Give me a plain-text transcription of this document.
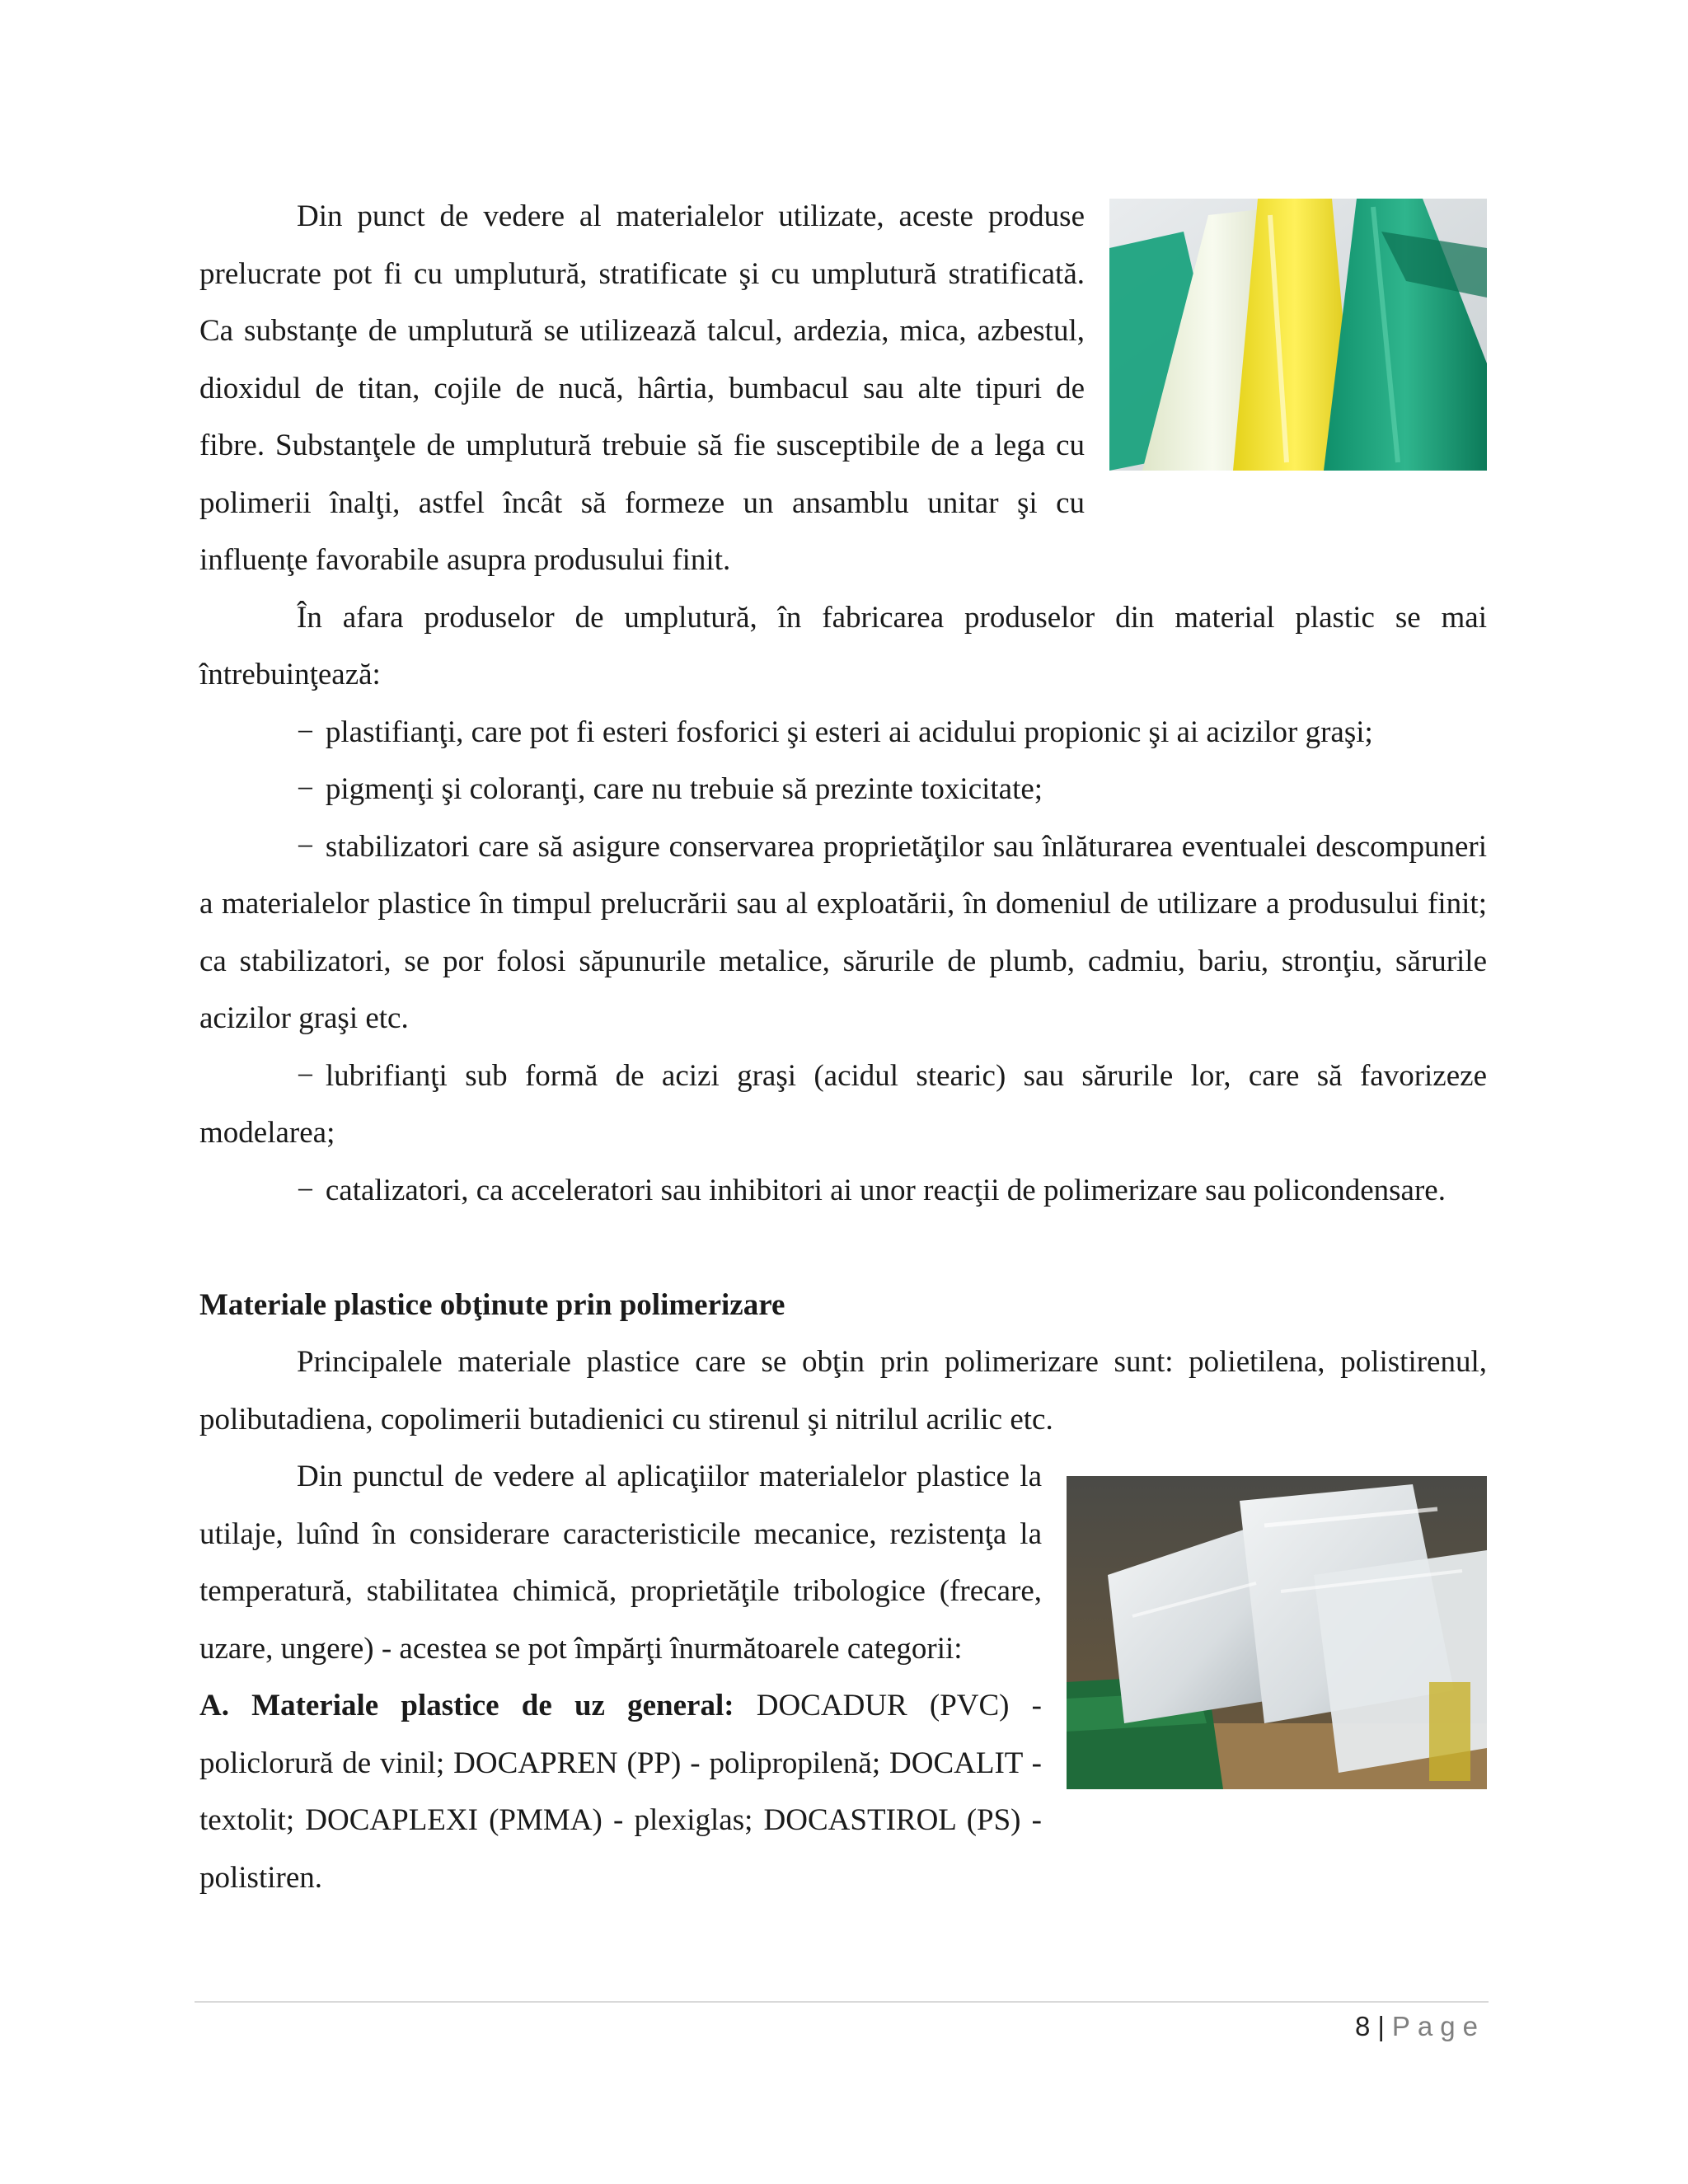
Din punct de vedere al materialelor utilizate, aceste produse prelucrate pot fi cu umplutură, stratificate şi cu umplutură stratificată. Ca substanţe de umplutură se utilizează talcul, ardezia, mica, azbestul, dioxidul de titan, cojile de nucă, hârtia, bumbacul sau alte tipuri de fibre. Substanţele de umplutură trebuie să fie susceptibile de a lega cu polimerii înalţi, astfel încât să formeze un ansamblu unitar şi cu influenţe favorabile asupra produsului finit.

În afara produselor de umplutură, în fabricarea produselor din material plastic se mai întrebuinţează:

− plastifianţi, care pot fi esteri fosforici şi esteri ai acidului propionic şi ai acizilor graşi;

− pigmenţi şi coloranţi, care nu trebuie să prezinte toxicitate;

− stabilizatori care să asigure conservarea proprietăţilor sau înlăturarea eventualei descompuneri a materialelor plastice în timpul prelucrării sau al exploatării, în domeniul de utilizare a produsului finit; ca stabilizatori, se por folosi săpunurile metalice, sărurile de plumb, cadmiu, bariu, stronţiu, sărurile acizilor graşi etc.

− lubrifianţi sub formă de acizi graşi (acidul stearic) sau sărurile lor, care să favorizeze modelarea;

− catalizatori, ca acceleratori sau inhibitori ai unor reacţii de polimerizare sau policondensare.

Materiale plastice obţinute prin polimerizare

Principalele materiale plastice care se obţin prin polimerizare sunt: polietilena, polistirenul, polibutadiena, copolimerii butadienici cu stirenul şi nitrilul acrilic etc.

Din punctul de vedere al aplicaţiilor materialelor plastice la utilaje, luînd în considerare caracteristicile mecanice, rezistenţa la temperatură, stabilitatea chimică, proprietăţile tribologice (frecare, uzare, ungere) - acestea se pot împărţi înurmătoarele categorii:

A. Materiale plastice de uz general: DOCADUR (PVC) - policlorură de vinil; DOCAPREN (PP) - polipropilenă; DOCALIT - textolit; DOCAPLEXI (PMMA) - plexiglas; DOCASTIROL (PS) - polistiren.

8 | Page
